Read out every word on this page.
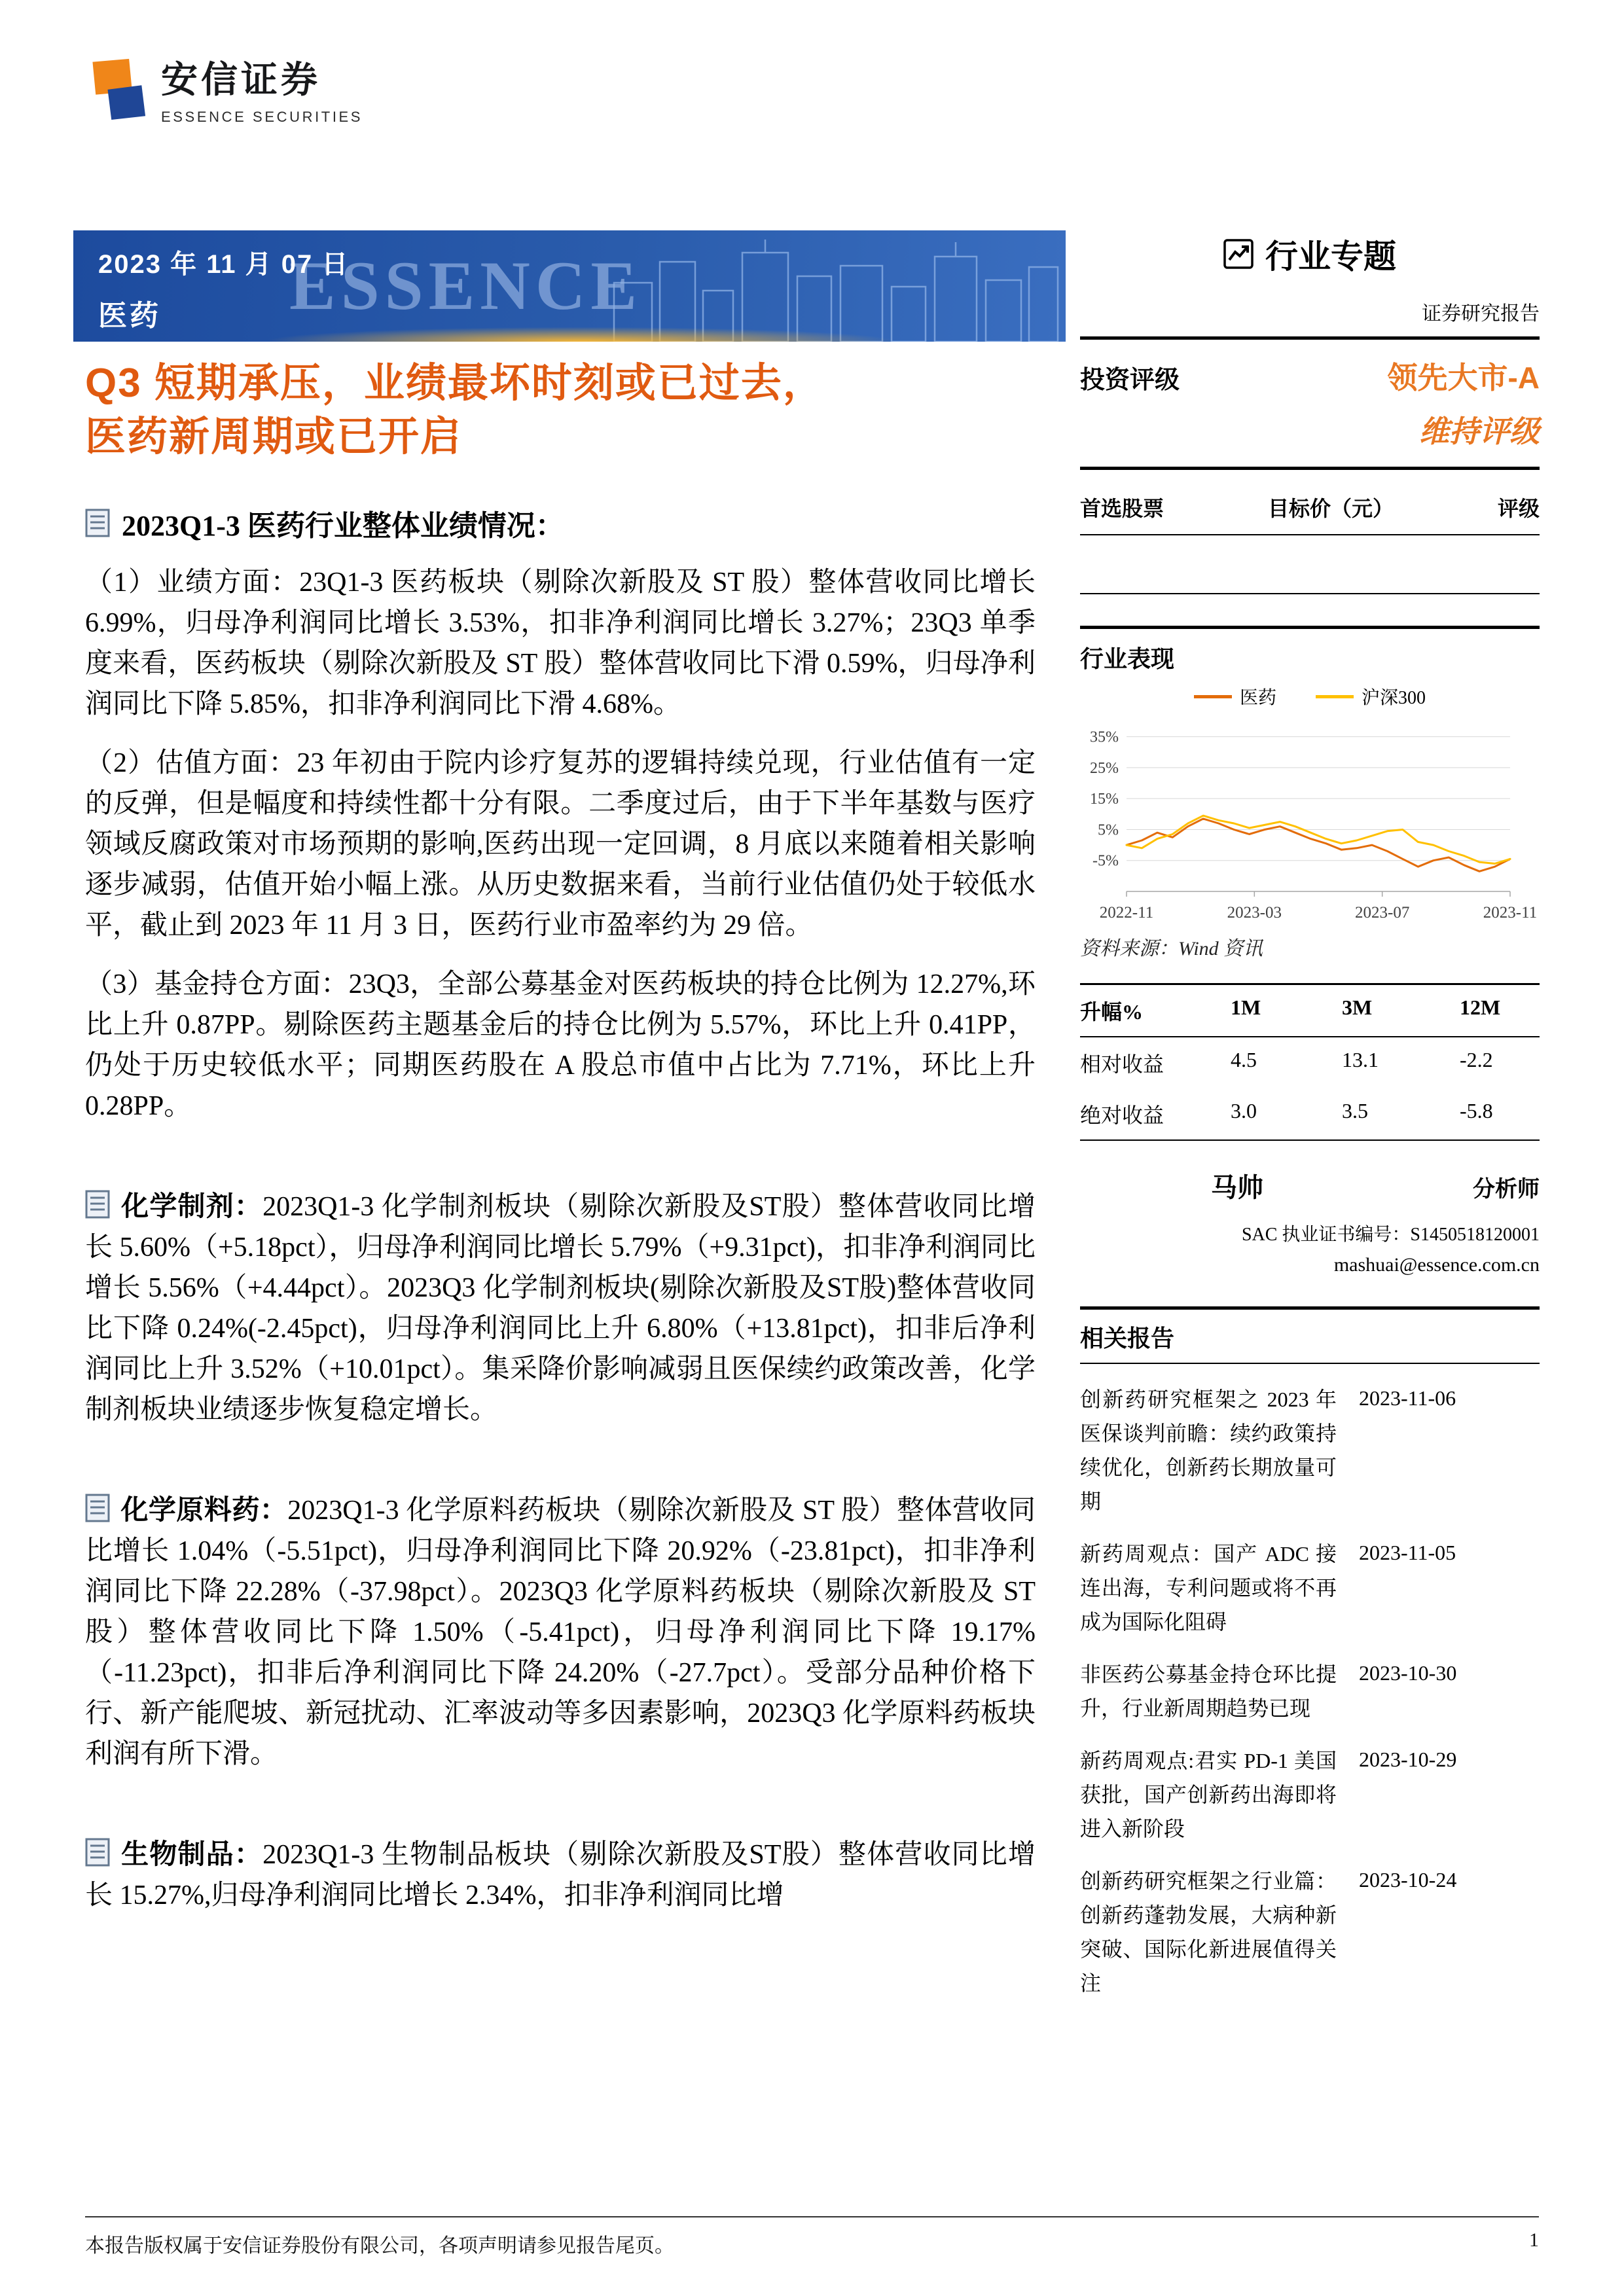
安信证券
ESSENCE SECURITIES
ESSENCE
2023 年 11 月 07 日
医药
Q3 短期承压，业绩最坏时刻或已过去，
医药新周期或已开启
2023Q1-3 医药行业整体业绩情况：

（1）业绩方面：23Q1-3 医药板块（剔除次新股及 ST 股）整体营收同比增长 6.99%，归母净利润同比增长 3.53%，扣非净利润同比增长 3.27%；23Q3 单季度来看，医药板块（剔除次新股及 ST 股）整体营收同比下滑 0.59%，归母净利润同比下降 5.85%，扣非净利润同比下滑 4.68%。

（2）估值方面：23 年初由于院内诊疗复苏的逻辑持续兑现，行业估值有一定的反弹，但是幅度和持续性都十分有限。二季度过后，由于下半年基数与医疗领域反腐政策对市场预期的影响,医药出现一定回调，8 月底以来随着相关影响逐步减弱，估值开始小幅上涨。从历史数据来看，当前行业估值仍处于较低水平，截止到 2023 年 11 月 3 日，医药行业市盈率约为 29 倍。

（3）基金持仓方面：23Q3，全部公募基金对医药板块的持仓比例为 12.27%,环比上升 0.87PP。剔除医药主题基金后的持仓比例为 5.57%，环比上升 0.41PP，仍处于历史较低水平；同期医药股在 A 股总市值中占比为 7.71%，环比上升 0.28PP。

化学制剂：2023Q1-3 化学制剂板块（剔除次新股及ST股）整体营收同比增长 5.60%（+5.18pct），归母净利润同比增长 5.79%（+9.31pct)，扣非净利润同比增长 5.56%（+4.44pct）。2023Q3 化学制剂板块(剔除次新股及ST股)整体营收同比下降 0.24%(-2.45pct)，归母净利润同比上升 6.80%（+13.81pct)，扣非后净利润同比上升 3.52%（+10.01pct）。集采降价影响减弱且医保续约政策改善，化学制剂板块业绩逐步恢复稳定增长。

化学原料药：2023Q1-3 化学原料药板块（剔除次新股及 ST 股）整体营收同比增长 1.04%（-5.51pct)，归母净利润同比下降 20.92%（-23.81pct)，扣非净利润同比下降 22.28%（-37.98pct）。2023Q3 化学原料药板块（剔除次新股及 ST 股）整体营收同比下降 1.50%（-5.41pct)，归母净利润同比下降 19.17%（-11.23pct)，扣非后净利润同比下降 24.20%（-27.7pct）。受部分品种价格下行、新产能爬坡、新冠扰动、汇率波动等多因素影响，2023Q3 化学原料药板块利润有所下滑。

生物制品：2023Q1-3 生物制品板块（剔除次新股及ST股）整体营收同比增长 15.27%,归母净利润同比增长 2.34%，扣非净利润同比增

行业专题
证券研究报告
投资评级	领先大市-A
维持评级
首选股票	目标价（元）	评级
行业表现
医药	沪深300
35%
25%
15%
5%
-5%
2022-11	2023-03	2023-07	2023-11
资料来源：Wind 资讯
升幅%	1M	3M	12M
相对收益	4.5	13.1	-2.2
绝对收益	3.0	3.5	-5.8
马帅	分析师
SAC 执业证书编号：S1450518120001
mashuai@essence.com.cn
相关报告
创新药研究框架之 2023 年医保谈判前瞻：续约政策持续优化，创新药长期放量可期
2023-11-06
新药周观点：国产 ADC 接连出海，专利问题或将不再成为国际化阻碍
2023-11-05
非医药公募基金持仓环比提升，行业新周期趋势已现
2023-10-30
新药周观点:君实 PD-1 美国获批，国产创新药出海即将进入新阶段
2023-10-29
创新药研究框架之行业篇：创新药蓬勃发展，大病种新突破、国际化新进展值得关注
2023-10-24
本报告版权属于安信证券股份有限公司，各项声明请参见报告尾页。	1
